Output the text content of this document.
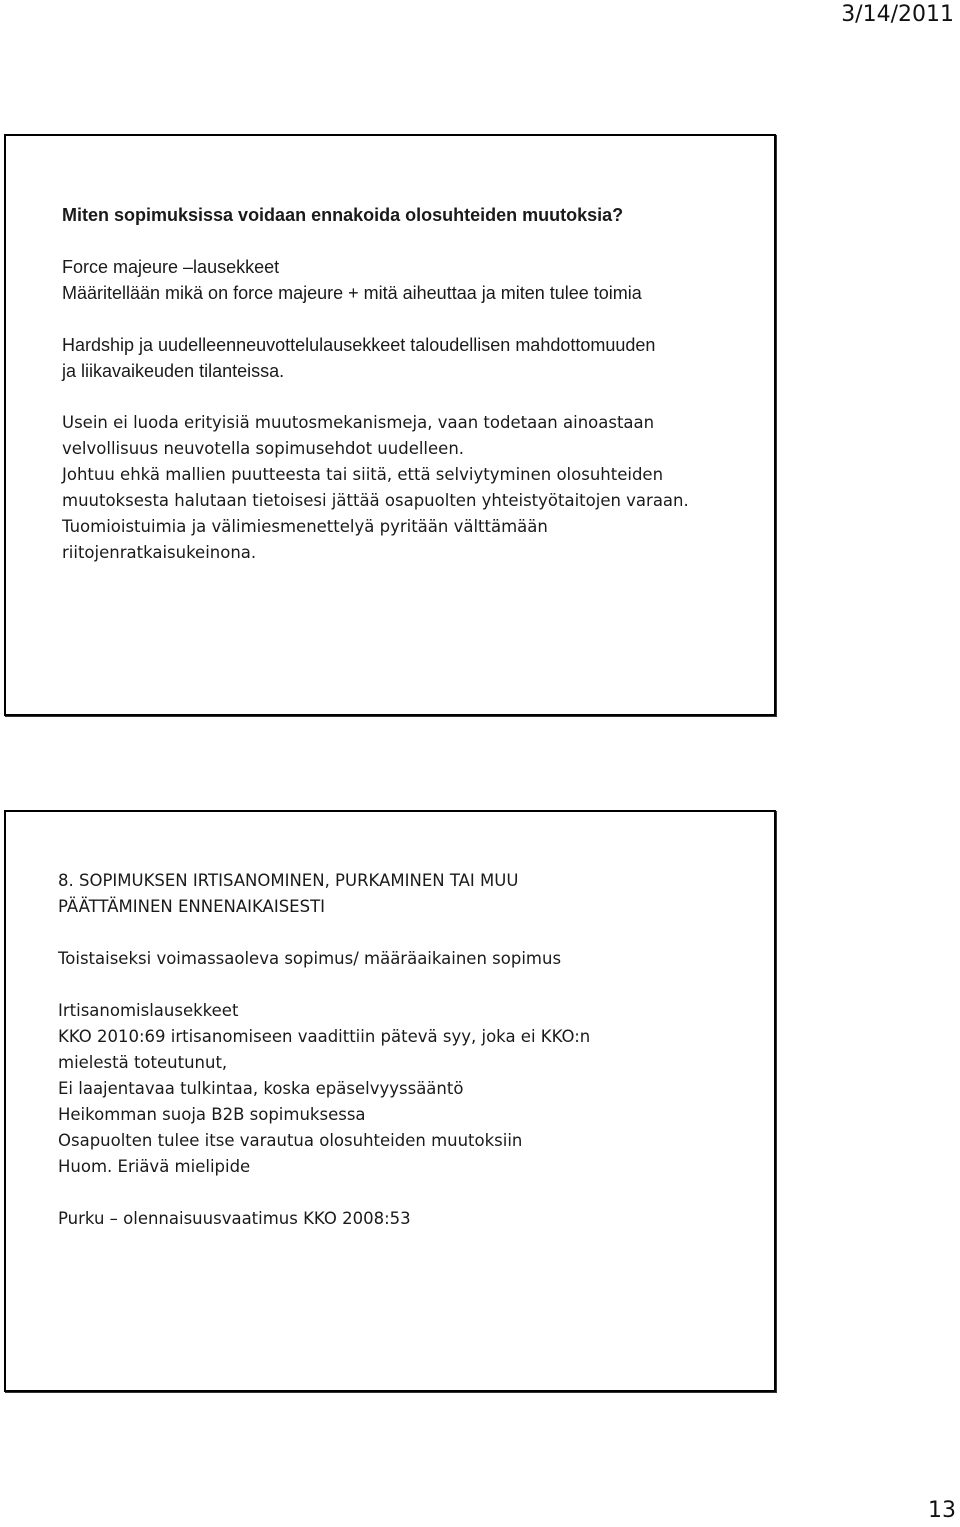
3/14/2011
Miten sopimuksissa voidaan ennakoida olosuhteiden muutoksia?
Force majeure –lausekkeet
Määritellään mikä on force majeure + mitä aiheuttaa ja miten tulee toimia
Hardship ja uudelleenneuvottelulausekkeet taloudellisen mahdottomuuden
ja liikavaikeuden tilanteissa.
Usein ei luoda erityisiä muutosmekanismeja, vaan todetaan ainoastaan
velvollisuus neuvotella sopimusehdot uudelleen.
Johtuu ehkä mallien puutteesta tai siitä, että selviytyminen olosuhteiden
muutoksesta halutaan tietoisesi jättää osapuolten yhteistyötaitojen varaan.
Tuomioistuimia ja välimiesmenettelyä pyritään välttämään
riitojenratkaisukeinona.
8. SOPIMUKSEN IRTISANOMINEN, PURKAMINEN TAI MUU
PÄÄTTÄMINEN ENNENAIKAISESTI
Toistaiseksi voimassaoleva sopimus/ määräaikainen sopimus
Irtisanomislausekkeet
KKO 2010:69 irtisanomiseen vaadittiin pätevä syy, joka ei KKO:n
mielestä toteutunut,
Ei laajentavaa tulkintaa, koska epäselvyyssääntö
Heikomman suoja B2B sopimuksessa
Osapuolten tulee itse varautua olosuhteiden muutoksiin
Huom. Eriävä mielipide
Purku – olennaisuusvaatimus KKO 2008:53
13
